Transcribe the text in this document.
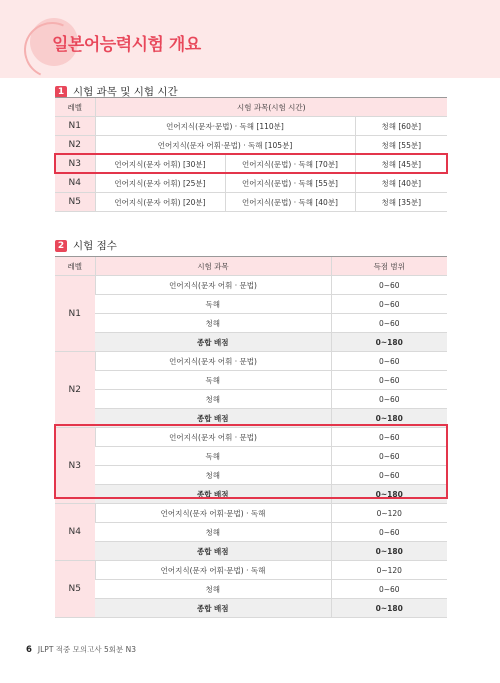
일본어능력시험 개요
1 시험 과목 및 시험 시간
레벨	시험 과목(시험 시간)		
N1	언어지식(문자·문법) · 독해 [110분]		청해 [60분]
N2	언어지식(문자 어휘·문법) · 독해 [105분]		청해 [55분]
N3	언어지식(문자 어휘) [30분]	언어지식(문법) · 독해 [70분]	청해 [45분]
N4	언어지식(문자 어휘) [25분]	언어지식(문법) · 독해 [55분]	청해 [40분]
N5	언어지식(문자 어휘) [20분]	언어지식(문법) · 독해 [40분]	청해 [35분]
2 시험 점수
레벨	시험 과목	득점 범위
N1	언어지식(문자 어휘 · 문법)	0~60
	독해	0~60
	청해	0~60
	종합 배점	0~180
N2	언어지식(문자 어휘 · 문법)	0~60
	독해	0~60
	청해	0~60
	종합 배점	0~180
N3	언어지식(문자 어휘 · 문법)	0~60
	독해	0~60
	청해	0~60
	종합 배점	0~180
N4	언어지식(문자 어휘·문법) · 독해	0~120
	청해	0~60
	종합 배점	0~180
N5	언어지식(문자 어휘·문법) · 독해	0~120
	청해	0~60
	종합 배점	0~180
6 JLPT 적중 모의고사 5회분 N3
